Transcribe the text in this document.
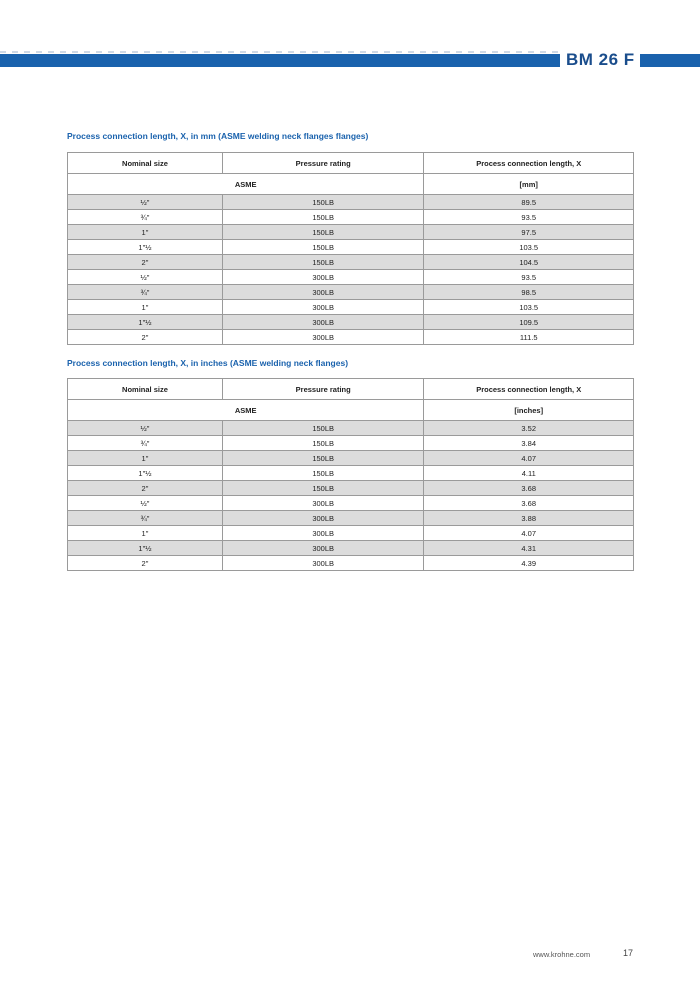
BM 26 F
Process connection length, X, in mm (ASME welding neck flanges flanges)
Nominal size	Pressure rating	Process connection length, X
ASME		[mm]
½"	150LB	89.5
¾"	150LB	93.5
1"	150LB	97.5
1"½	150LB	103.5
2"	150LB	104.5
½"	300LB	93.5
¾"	300LB	98.5
1"	300LB	103.5
1"½	300LB	109.5
2"	300LB	111.5
Process connection length, X, in inches (ASME welding neck flanges)
Nominal size	Pressure rating	Process connection length, X
ASME		[inches]
½"	150LB	3.52
¾"	150LB	3.84
1"	150LB	4.07
1"½	150LB	4.11
2"	150LB	3.68
½"	300LB	3.68
¾"	300LB	3.88
1"	300LB	4.07
1"½	300LB	4.31
2"	300LB	4.39
www.krohne.com	17
